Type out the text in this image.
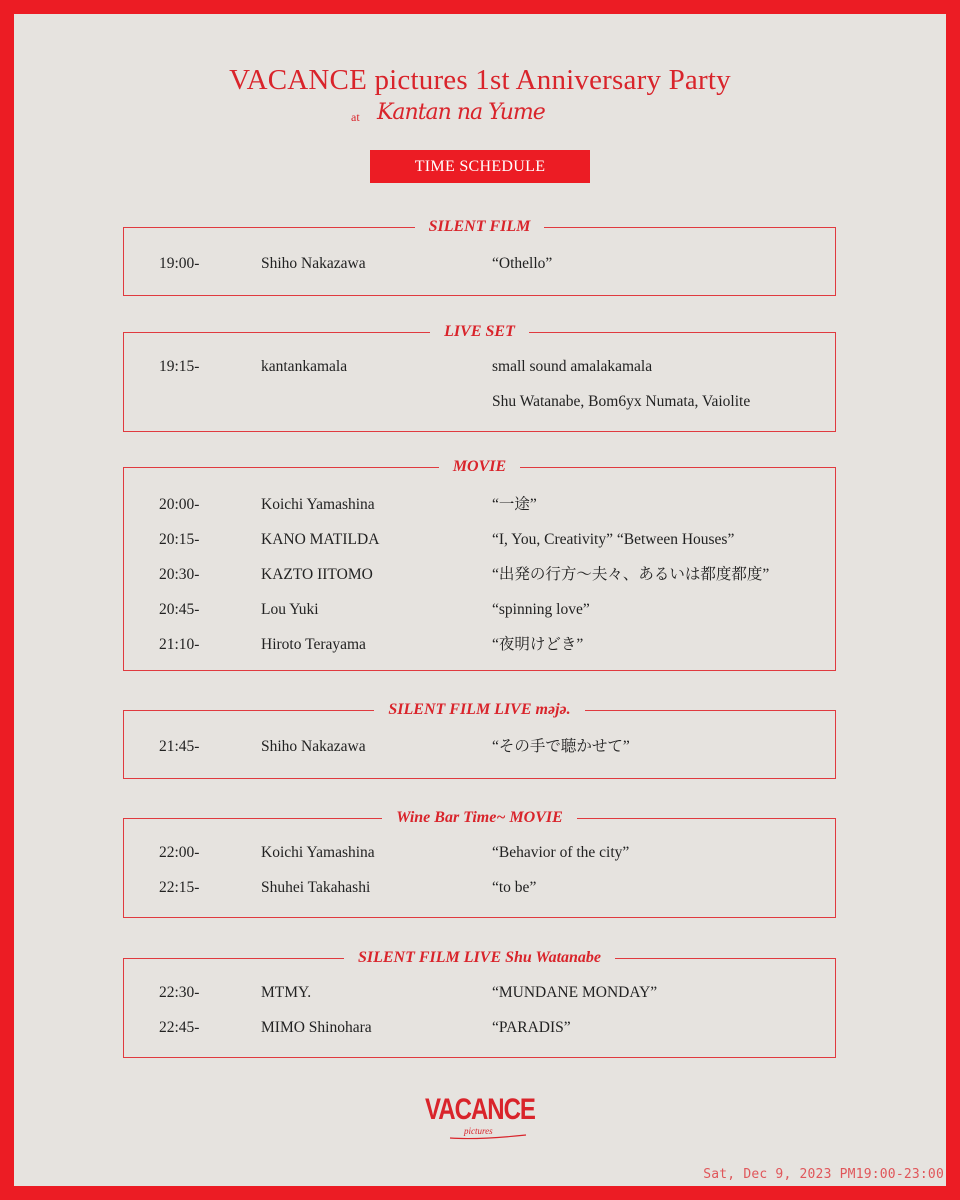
VACANCE pictures 1st Anniversary Party
at Kantan na Yume
TIME SCHEDULE
SILENT FILM
19:00-	Shiho Nakazawa	“Othello”
LIVE SET
19:15-	kantankamala	small sound amalakamala
Shu Watanabe, Bom6yx Numata, Vaiolite
MOVIE
20:00-	Koichi Yamashina	“一途”
20:15-	KANO MATILDA	“I, You, Creativity” “Between Houses”
20:30-	KAZTO IITOMO	“出発の行方〜夫々、あるいは都度都度”
20:45-	Lou Yuki	“spinning love”
21:10-	Hiroto Terayama	“夜明けどき”
SILENT FILM LIVE məjə.
21:45-	Shiho Nakazawa	“その手で聴かせて”
Wine Bar Time~ MOVIE
22:00-	Koichi Yamashina	“Behavior of the city”
22:15-	Shuhei Takahashi	“to be”
SILENT FILM LIVE Shu Watanabe
22:30-	MTMY.	“MUNDANE MONDAY”
22:45-	MIMO Shinohara	“PARADIS”
VACANCE
pictures
Sat, Dec 9, 2023 PM19:00-23:00
